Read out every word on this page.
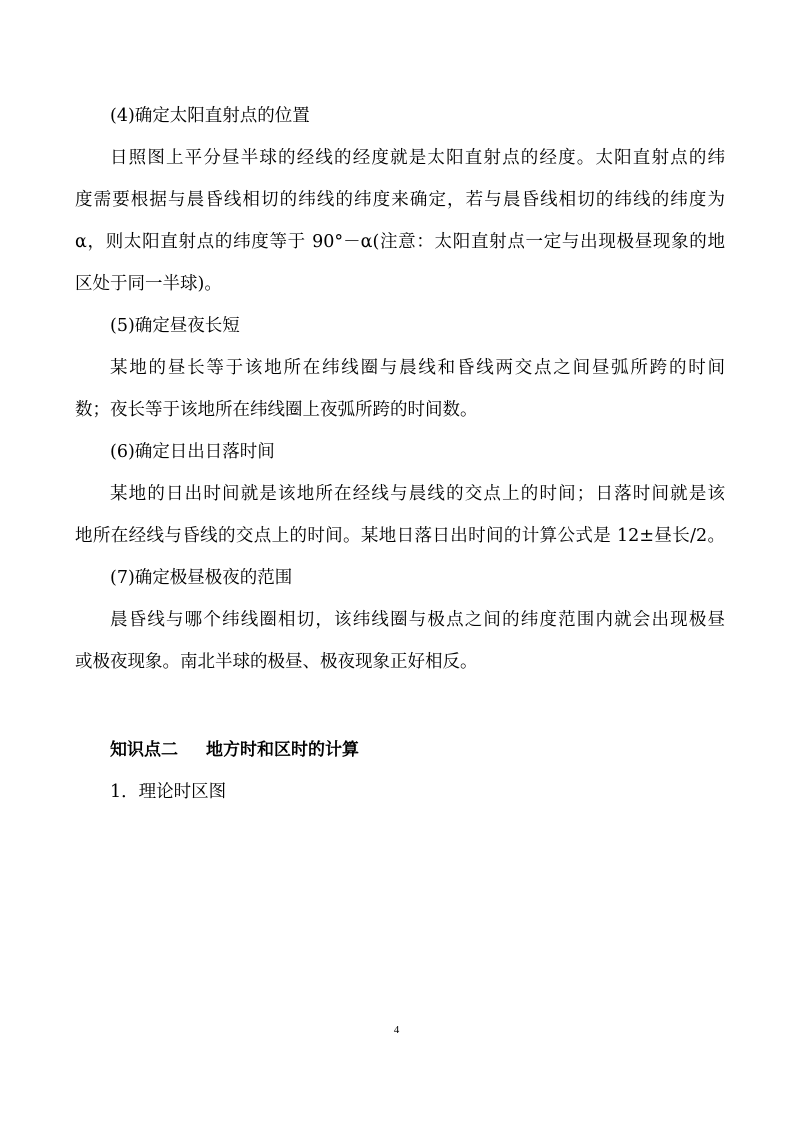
(4)确定太阳直射点的位置
日照图上平分昼半球的经线的经度就是太阳直射点的经度。太阳直射点的纬
度需要根据与晨昏线相切的纬线的纬度来确定，若与晨昏线相切的纬线的纬度为
α，则太阳直射点的纬度等于 90°－α(注意：太阳直射点一定与出现极昼现象的地
区处于同一半球)。
(5)确定昼夜长短
某地的昼长等于该地所在纬线圈与晨线和昏线两交点之间昼弧所跨的时间
数；夜长等于该地所在纬线圈上夜弧所跨的时间数。
(6)确定日出日落时间
某地的日出时间就是该地所在经线与晨线的交点上的时间；日落时间就是该
地所在经线与昏线的交点上的时间。某地日落日出时间的计算公式是 12±昼长/2。
(7)确定极昼极夜的范围
晨昏线与哪个纬线圈相切，该纬线圈与极点之间的纬度范围内就会出现极昼
或极夜现象。南北半球的极昼、极夜现象正好相反。
知识点二 地方时和区时的计算
1．理论时区图
4
